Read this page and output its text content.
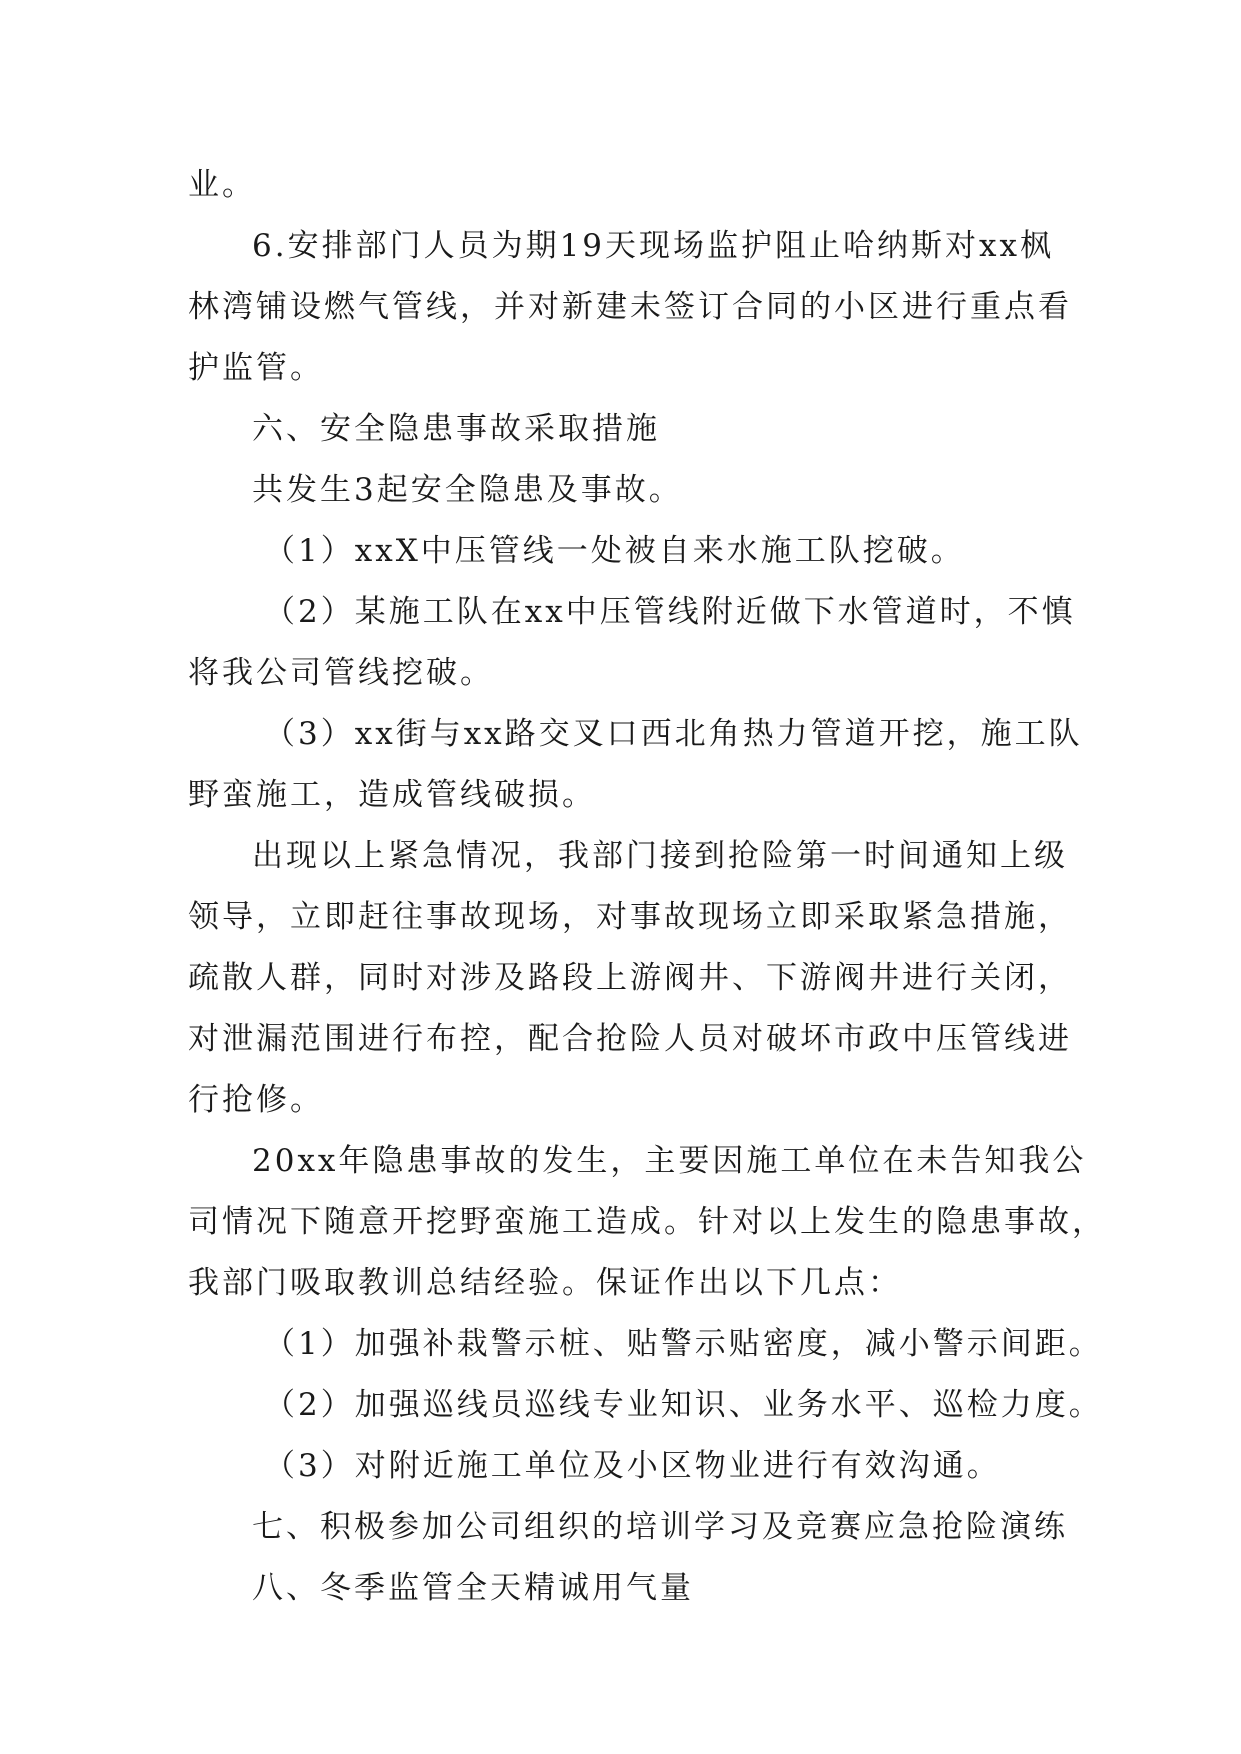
业。
6.安排部门人员为期19天现场监护阻止哈纳斯对xx枫
林湾铺设燃气管线，并对新建未签订合同的小区进行重点看
护监管。
六、安全隐患事故采取措施
共发生3起安全隐患及事故。
（1）xxX中压管线一处被自来水施工队挖破。
（2）某施工队在xx中压管线附近做下水管道时，不慎
将我公司管线挖破。
（3）xx街与xx路交叉口西北角热力管道开挖，施工队
野蛮施工，造成管线破损。
出现以上紧急情况，我部门接到抢险第一时间通知上级
领导，立即赶往事故现场，对事故现场立即采取紧急措施，
疏散人群，同时对涉及路段上游阀井、下游阀井进行关闭，
对泄漏范围进行布控，配合抢险人员对破坏市政中压管线进
行抢修。
20xx年隐患事故的发生，主要因施工单位在未告知我公
司情况下随意开挖野蛮施工造成。针对以上发生的隐患事故，
我部门吸取教训总结经验。保证作出以下几点：
（1）加强补栽警示桩、贴警示贴密度，减小警示间距。
（2）加强巡线员巡线专业知识、业务水平、巡检力度。
（3）对附近施工单位及小区物业进行有效沟通。
七、积极参加公司组织的培训学习及竞赛应急抢险演练
八、冬季监管全天精诚用气量
